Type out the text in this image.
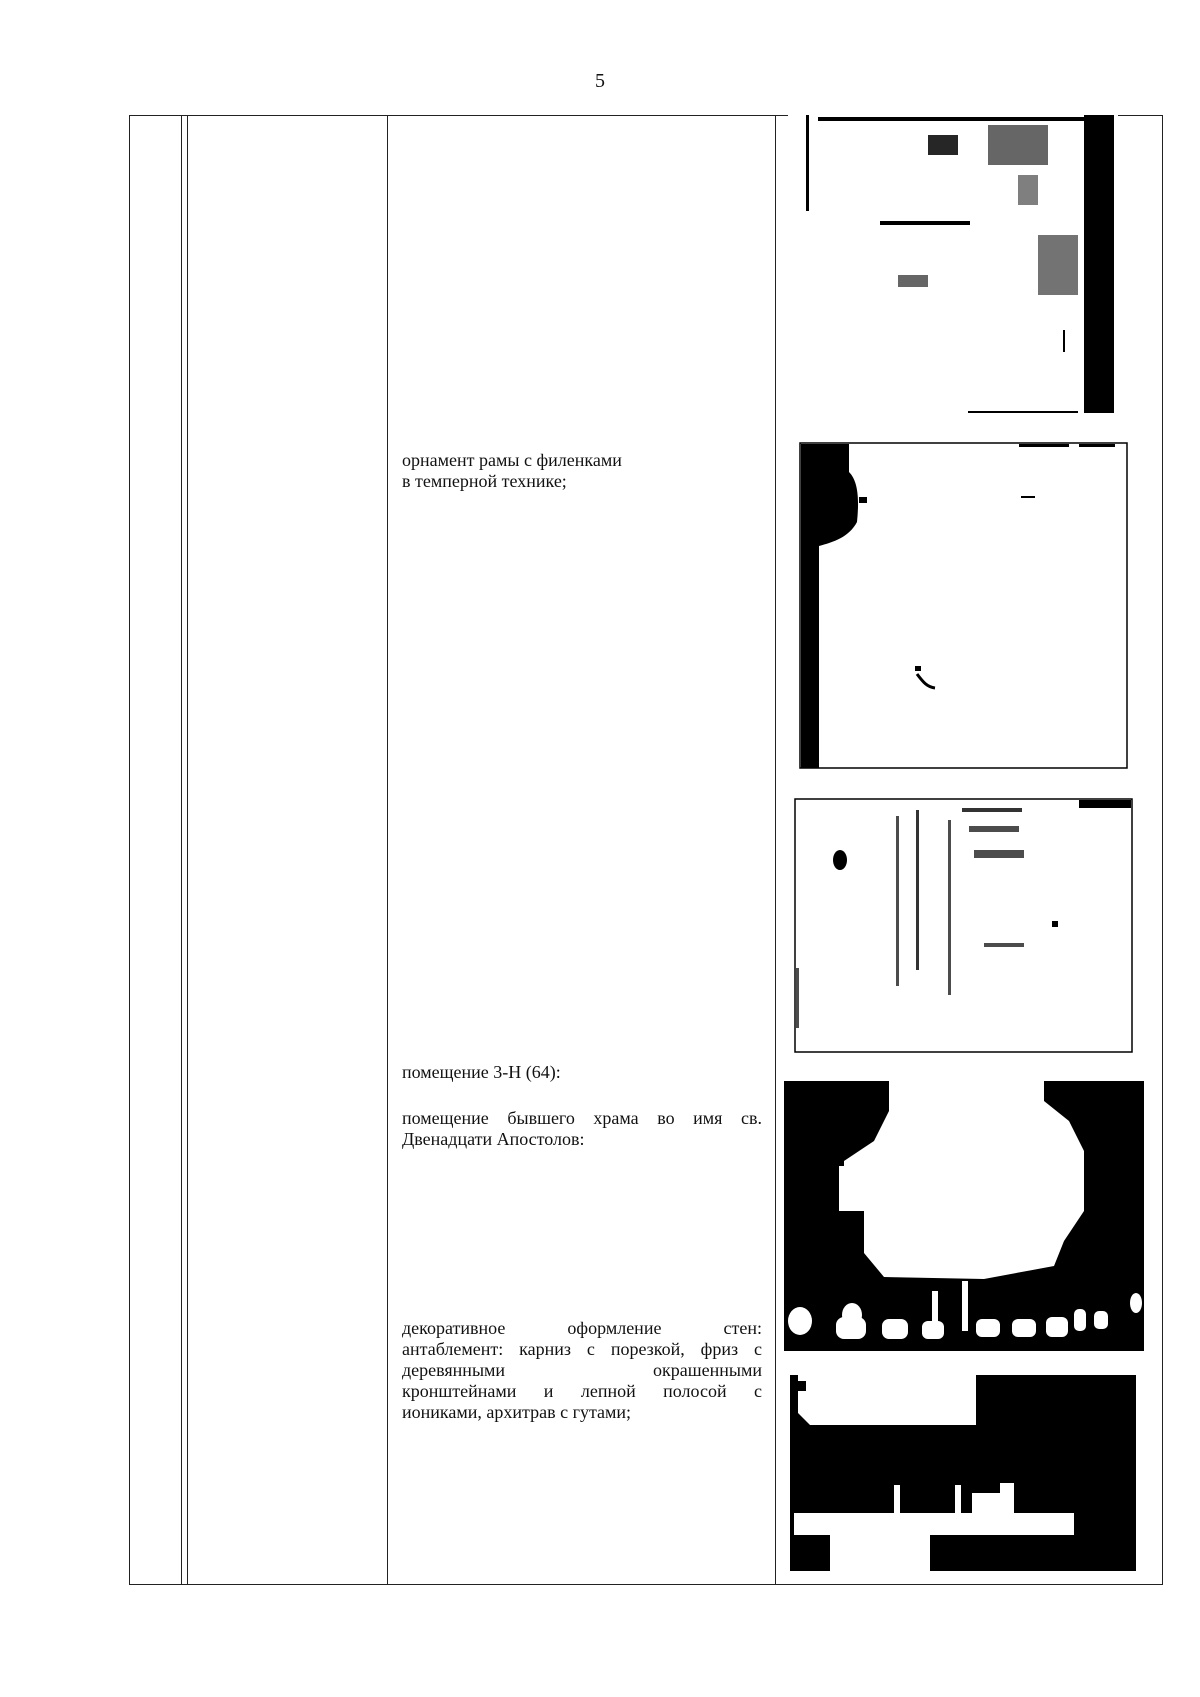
5
орнамент рамы с филенками
в темперной технике;
помещение 3-Н (64):
помещение бывшего храма во имя св. Двенадцати Апостолов:
декоративное оформление стен:
антаблемент: карниз с порезкой, фриз с
деревянными окрашенными
кронштейнами и лепной полосой с
иониками, архитрав с гутами;
